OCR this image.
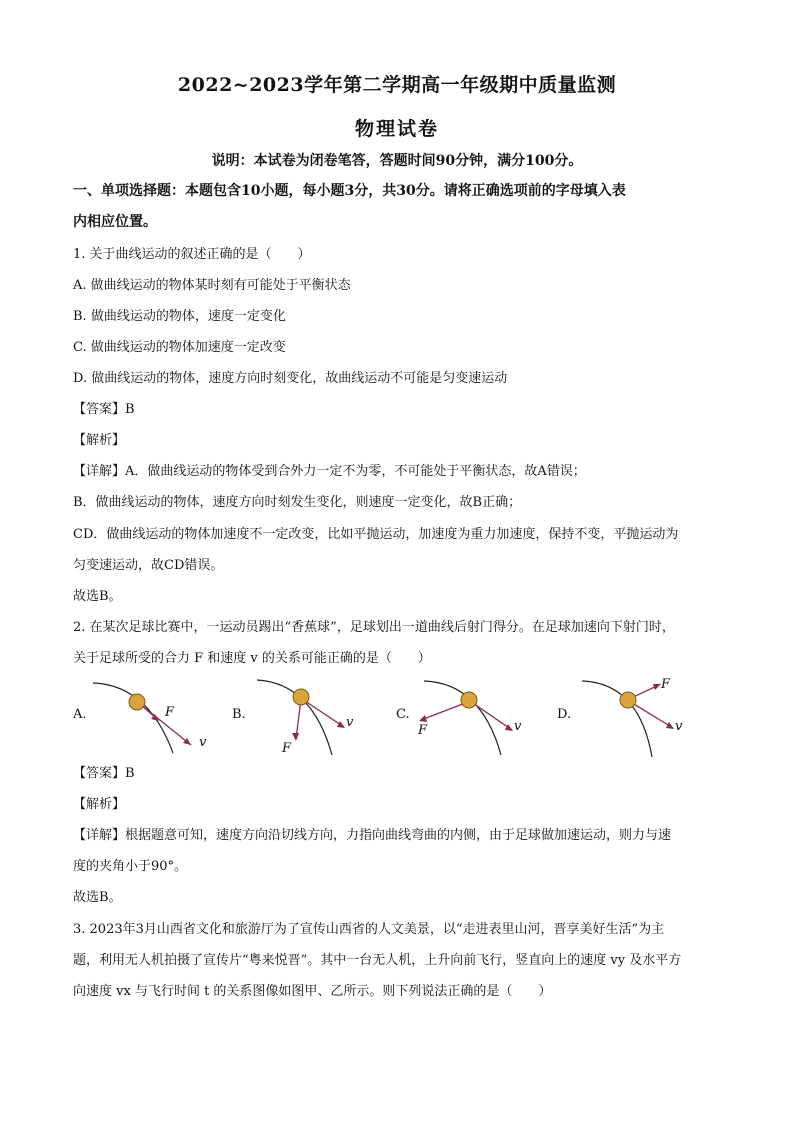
2022~2023学年第二学期高一年级期中质量监测
物理试卷
说明：本试卷为闭卷笔答，答题时间90分钟，满分100分。
一、单项选择题：本题包含10小题，每小题3分，共30分。请将正确选项前的字母填入表
内相应位置。
1. 关于曲线运动的叙述正确的是（　　）
A. 做曲线运动的物体某时刻有可能处于平衡状态
B. 做曲线运动的物体，速度一定变化
C. 做曲线运动的物体加速度一定改变
D. 做曲线运动的物体，速度方向时刻变化，故曲线运动不可能是匀变速运动
【答案】B
【解析】
【详解】A．做曲线运动的物体受到合外力一定不为零，不可能处于平衡状态，故A错误；
B．做曲线运动的物体，速度方向时刻发生变化，则速度一定变化，故B正确；
CD．做曲线运动的物体加速度不一定改变，比如平抛运动，加速度为重力加速度，保持不变，平抛运动为
匀变速运动，故CD错误。
故选B。
2. 在某次足球比赛中，一运动员踢出“香蕉球”，足球划出一道曲线后射门得分。在足球加速向下射门时，
关于足球所受的合力 F 和速度 v 的关系可能正确的是（　　）
A.	F
v
B.
F
v
C.
F	v
D.
F
v
【答案】B
【解析】
【详解】根据题意可知，速度方向沿切线方向，力指向曲线弯曲的内侧，由于足球做加速运动，则力与速
度的夹角小于90°。
故选B。
3. 2023年3月山西省文化和旅游厅为了宣传山西省的人文美景，以“走进表里山河，晋享美好生活”为主
题，利用无人机拍摄了宣传片“粤来悦晋”。其中一台无人机，上升向前飞行，竖直向上的速度 vy 及水平方
向速度 vx 与飞行时间 t 的关系图像如图甲、乙所示。则下列说法正确的是（　　）
